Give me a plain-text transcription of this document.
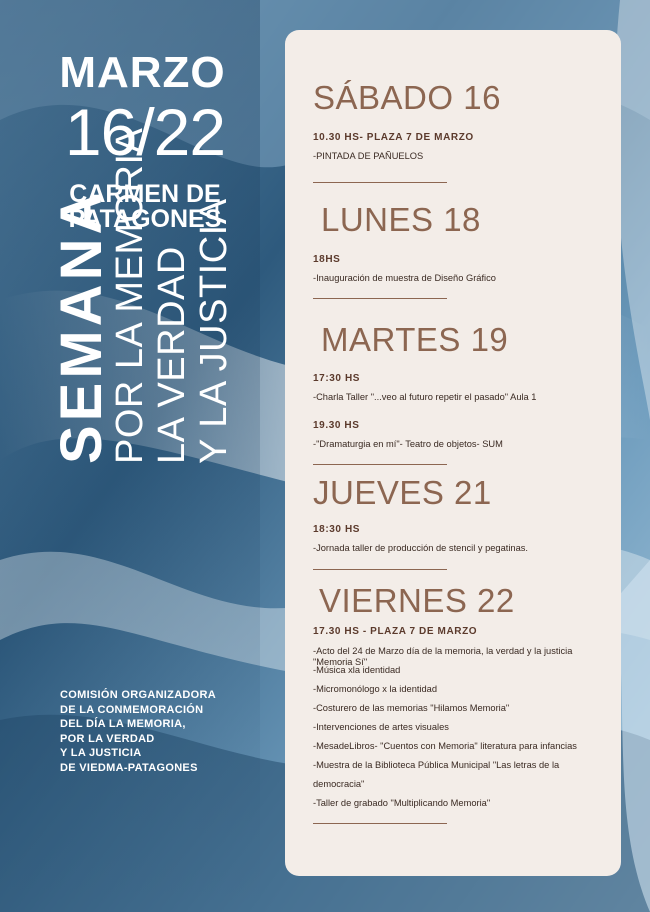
MARZO
16/22
CARMEN DE
PATAGONES
SEMANA
POR LA MEMORIA LA VERDAD Y LA JUSTICIA
COMISIÓN ORGANIZADORA
DE LA CONMEMORACIÓN
DEL DÍA LA MEMORIA,
POR LA VERDAD
Y LA JUSTICIA
DE VIEDMA-PATAGONES
SÁBADO 16
10.30 HS- PLAZA 7 DE MARZO
-PINTADA DE PAÑUELOS
LUNES 18
18HS
-Inauguración de muestra de Diseño Gráfico
MARTES 19
17:30 HS
-Charla Taller "...veo al futuro repetir el pasado" Aula 1
19.30 HS
-"Dramaturgia en mí"- Teatro de objetos- SUM
JUEVES 21
18:30 HS
-Jornada taller de producción de stencil y pegatinas.
VIERNES 22
17.30 HS - PLAZA 7 DE MARZO
-Acto del 24 de Marzo día de la memoria, la verdad y la justicia "Memoria Sí"
-Música xla identidad
-Micromonólogo x la identidad
-Costurero de las memorias "Hilamos Memoria"
-Intervenciones de artes visuales
-MesadeLibros- "Cuentos con Memoria" literatura para infancias
-Muestra de la Biblioteca Pública Municipal "Las letras de la
democracia"
-Taller de grabado "Multiplicando Memoria"
